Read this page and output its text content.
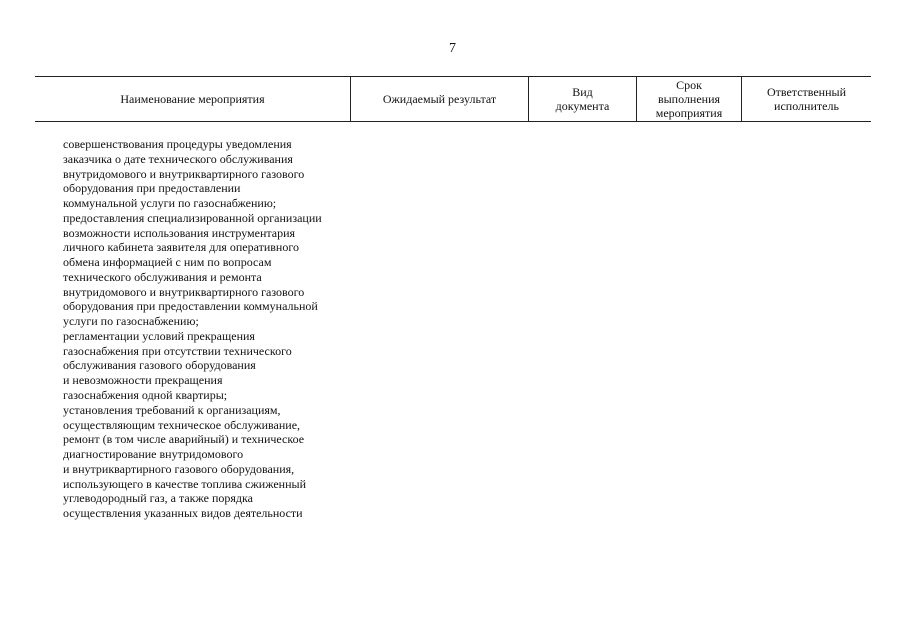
7
Наименование мероприятия	Ожидаемый результат	Вид
документа
Срок
выполнения
мероприятия
Ответственный
исполнитель
совершенствования процедуры уведомления
заказчика о дате технического обслуживания
внутридомового и внутриквартирного газового
оборудования при предоставлении
коммунальной услуги по газоснабжению;
предоставления специализированной организации
возможности использования инструментария
личного кабинета заявителя для оперативного
обмена информацией с ним по вопросам
технического обслуживания и ремонта
внутридомового и внутриквартирного газового
оборудования при предоставлении коммунальной
услуги по газоснабжению;
регламентации условий прекращения
газоснабжения при отсутствии технического
обслуживания газового оборудования
и невозможности прекращения
газоснабжения одной квартиры;
установления требований к организациям,
осуществляющим техническое обслуживание,
ремонт (в том числе аварийный) и техническое
диагностирование внутридомового
и внутриквартирного газового оборудования,
использующего в качестве топлива сжиженный
углеводородный газ, а также порядка
осуществления указанных видов деятельности
